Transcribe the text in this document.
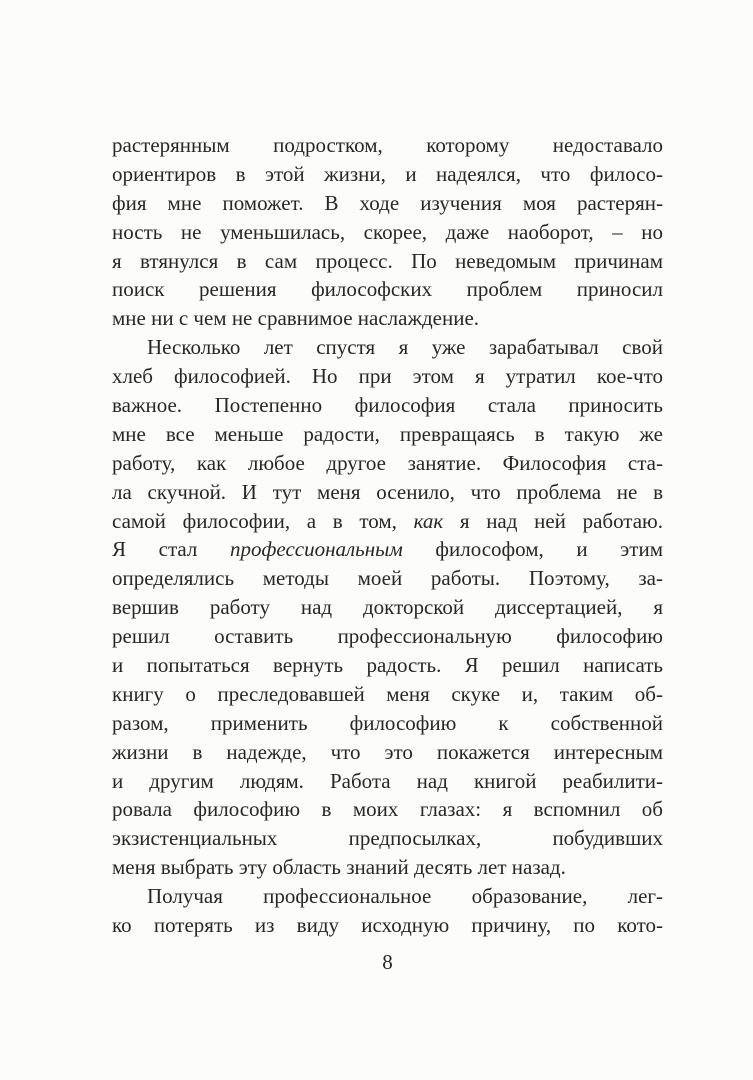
растерянным подростком, которому недоставало
ориентиров в этой жизни, и надеялся, что филосо-
фия мне поможет. В ходе изучения моя растерян-
ность не уменьшилась, скорее, даже наоборот, – но
я втянулся в сам процесс. По неведомым причинам
поиск решения философских проблем приносил
мне ни с чем не сравнимое наслаждение.
Несколько лет спустя я уже зарабатывал свой
хлеб философией. Но при этом я утратил кое-что
важное. Постепенно философия стала приносить
мне все меньше радости, превращаясь в такую же
работу, как любое другое занятие. Философия ста-
ла скучной. И тут меня осенило, что проблема не в
самой философии, а в том, как я над ней работаю.
Я стал профессиональным философом, и этим
определялись методы моей работы. Поэтому, за-
вершив работу над докторской диссертацией, я
решил оставить профессиональную философию
и попытаться вернуть радость. Я решил написать
книгу о преследовавшей меня скуке и, таким об-
разом, применить философию к собственной
жизни в надежде, что это покажется интересным
и другим людям. Работа над книгой реабилити-
ровала философию в моих глазах: я вспомнил об
экзистенциальных предпосылках, побудивших
меня выбрать эту область знаний десять лет назад.
Получая профессиональное образование, лег-
ко потерять из виду исходную причину, по кото-
8
